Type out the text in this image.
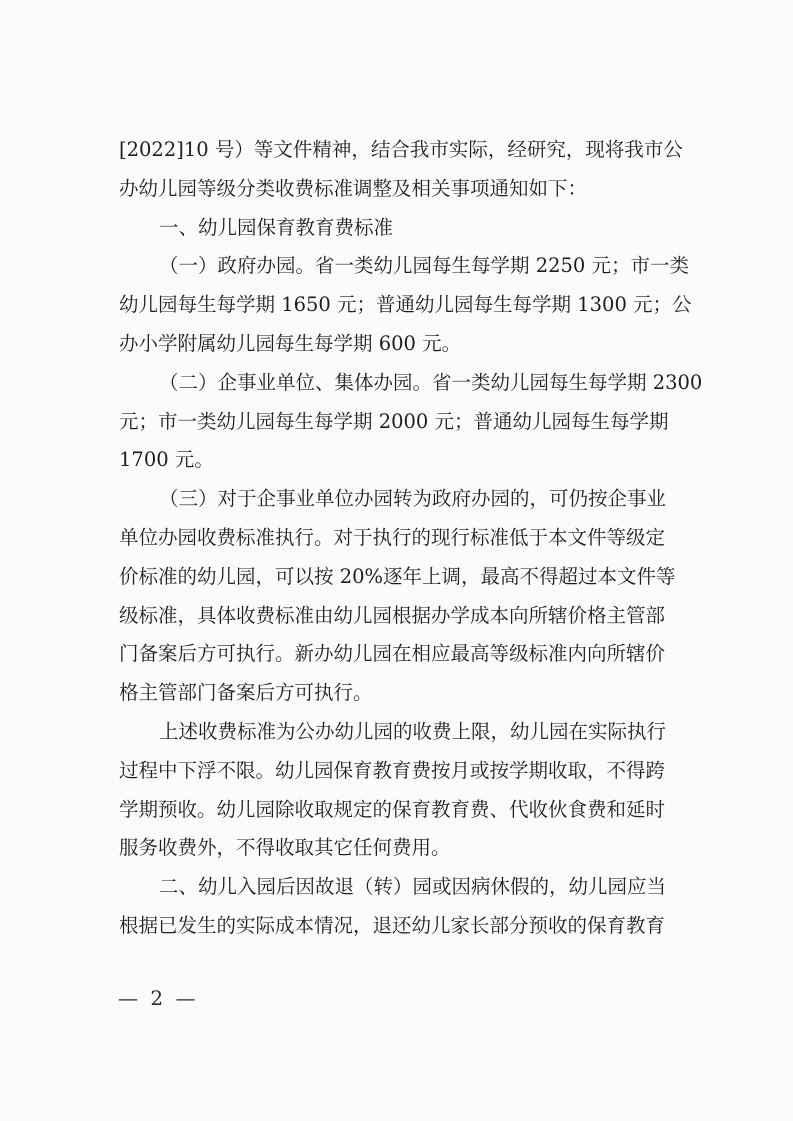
[2022]10 号）等文件精神，结合我市实际，经研究，现将我市公
办幼儿园等级分类收费标准调整及相关事项通知如下：
一、幼儿园保育教育费标准
（一）政府办园。省一类幼儿园每生每学期 2250 元；市一类
幼儿园每生每学期 1650 元；普通幼儿园每生每学期 1300 元；公
办小学附属幼儿园每生每学期 600 元。
（二）企事业单位、集体办园。省一类幼儿园每生每学期 2300
元；市一类幼儿园每生每学期 2000 元；普通幼儿园每生每学期
1700 元。
（三）对于企事业单位办园转为政府办园的，可仍按企事业
单位办园收费标准执行。对于执行的现行标准低于本文件等级定
价标准的幼儿园，可以按 20%逐年上调，最高不得超过本文件等
级标准，具体收费标准由幼儿园根据办学成本向所辖价格主管部
门备案后方可执行。新办幼儿园在相应最高等级标准内向所辖价
格主管部门备案后方可执行。
上述收费标准为公办幼儿园的收费上限，幼儿园在实际执行
过程中下浮不限。幼儿园保育教育费按月或按学期收取，不得跨
学期预收。幼儿园除收取规定的保育教育费、代收伙食费和延时
服务收费外，不得收取其它任何费用。
二、幼儿入园后因故退（转）园或因病休假的，幼儿园应当
根据已发生的实际成本情况，退还幼儿家长部分预收的保育教育
— 2 —
